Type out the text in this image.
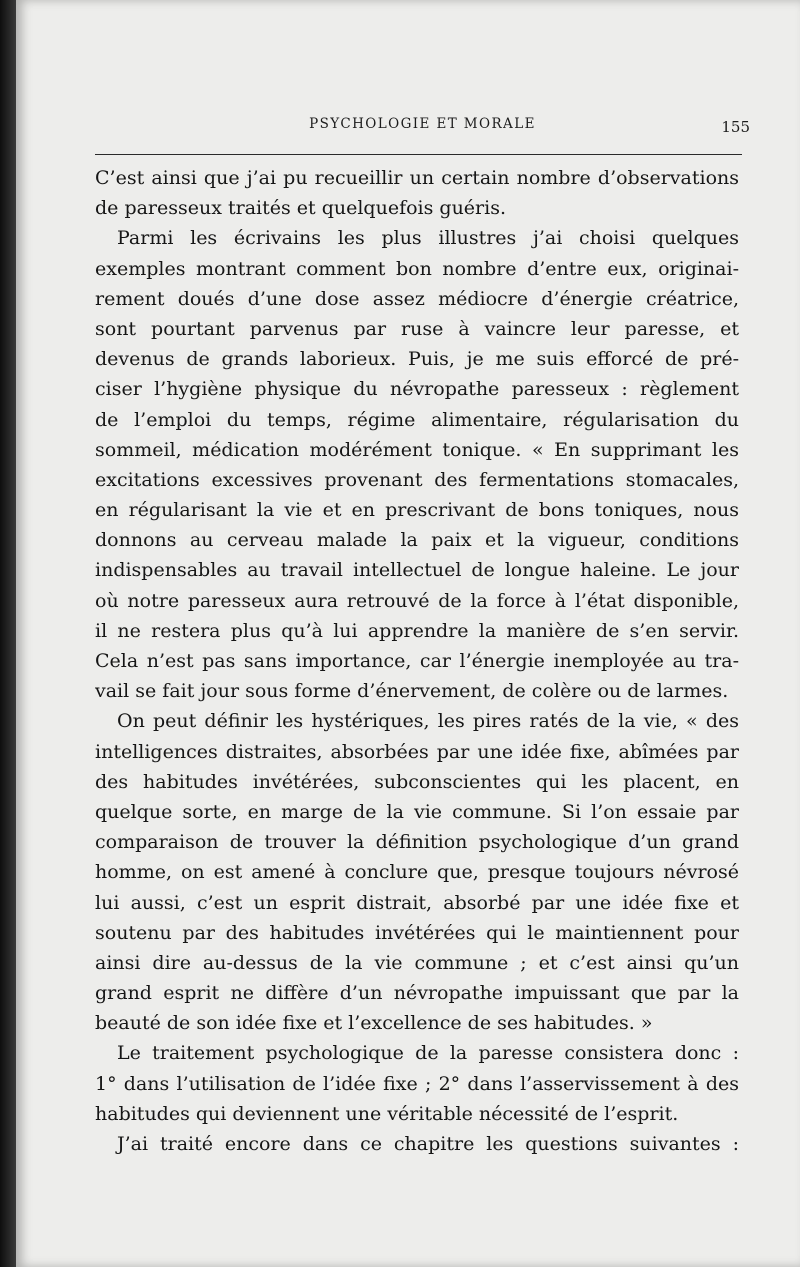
PSYCHOLOGIE ET MORALE	155
C’est ainsi que j’ai pu recueillir un certain nombre d’observations
de paresseux traités et quelquefois guéris.
Parmi les écrivains les plus illustres j’ai choisi quelques
exemples montrant comment bon nombre d’entre eux, originai-
rement doués d’une dose assez médiocre d’énergie créatrice,
sont pourtant parvenus par ruse à vaincre leur paresse, et
devenus de grands laborieux. Puis, je me suis efforcé de pré-
ciser l’hygiène physique du névropathe paresseux : règlement
de l’emploi du temps, régime alimentaire, régularisation du
sommeil, médication modérément tonique. « En supprimant les
excitations excessives provenant des fermentations stomacales,
en régularisant la vie et en prescrivant de bons toniques, nous
donnons au cerveau malade la paix et la vigueur, conditions
indispensables au travail intellectuel de longue haleine. Le jour
où notre paresseux aura retrouvé de la force à l’état disponible,
il ne restera plus qu’à lui apprendre la manière de s’en servir.
Cela n’est pas sans importance, car l’énergie inemployée au tra-
vail se fait jour sous forme d’énervement, de colère ou de larmes.
On peut définir les hystériques, les pires ratés de la vie, « des
intelligences distraites, absorbées par une idée fixe, abîmées par
des habitudes invétérées, subconscientes qui les placent, en
quelque sorte, en marge de la vie commune. Si l’on essaie par
comparaison de trouver la définition psychologique d’un grand
homme, on est amené à conclure que, presque toujours névrosé
lui aussi, c’est un esprit distrait, absorbé par une idée fixe et
soutenu par des habitudes invétérées qui le maintiennent pour
ainsi dire au-dessus de la vie commune ; et c’est ainsi qu’un
grand esprit ne diffère d’un névropathe impuissant que par la
beauté de son idée fixe et l’excellence de ses habitudes. »
Le traitement psychologique de la paresse consistera donc :
1° dans l’utilisation de l’idée fixe ; 2° dans l’asservissement à des
habitudes qui deviennent une véritable nécessité de l’esprit.
J’ai traité encore dans ce chapitre les questions suivantes :
